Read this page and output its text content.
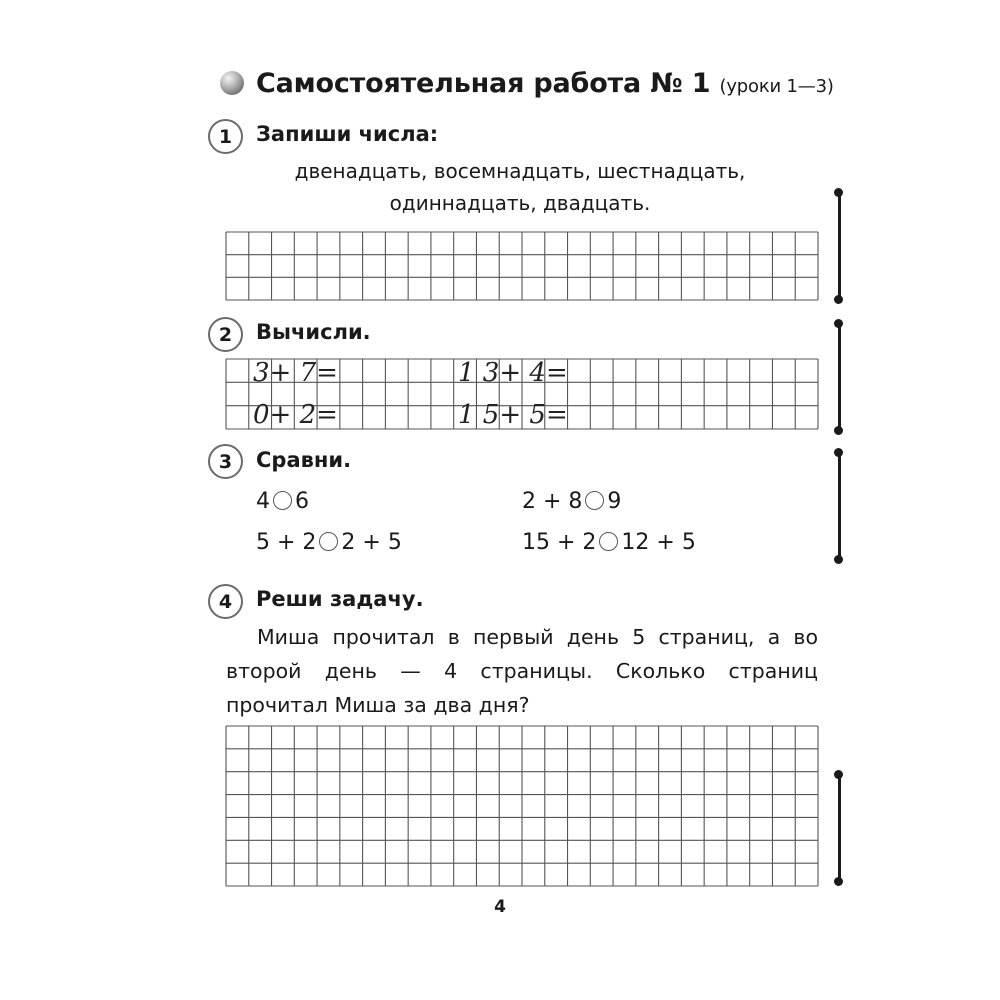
Самостоятельная работа № 1 (уроки 1—3)
1	Запиши числа:
двенадцать, восемнадцать, шестнадцать,
одиннадцать, двадцать.
2	Вычисли.
3+ 7=	1 3+ 4=
0+ 2=	1 5+ 5=
3	Сравни.
4 6	2 + 8 9
5 + 2 2 + 5	15 + 2 12 + 5
4	Реши задачу.
Миша прочитал в первый день 5 страниц, а во второй день — 4 страницы. Сколько страниц прочитал Миша за два дня?
4
